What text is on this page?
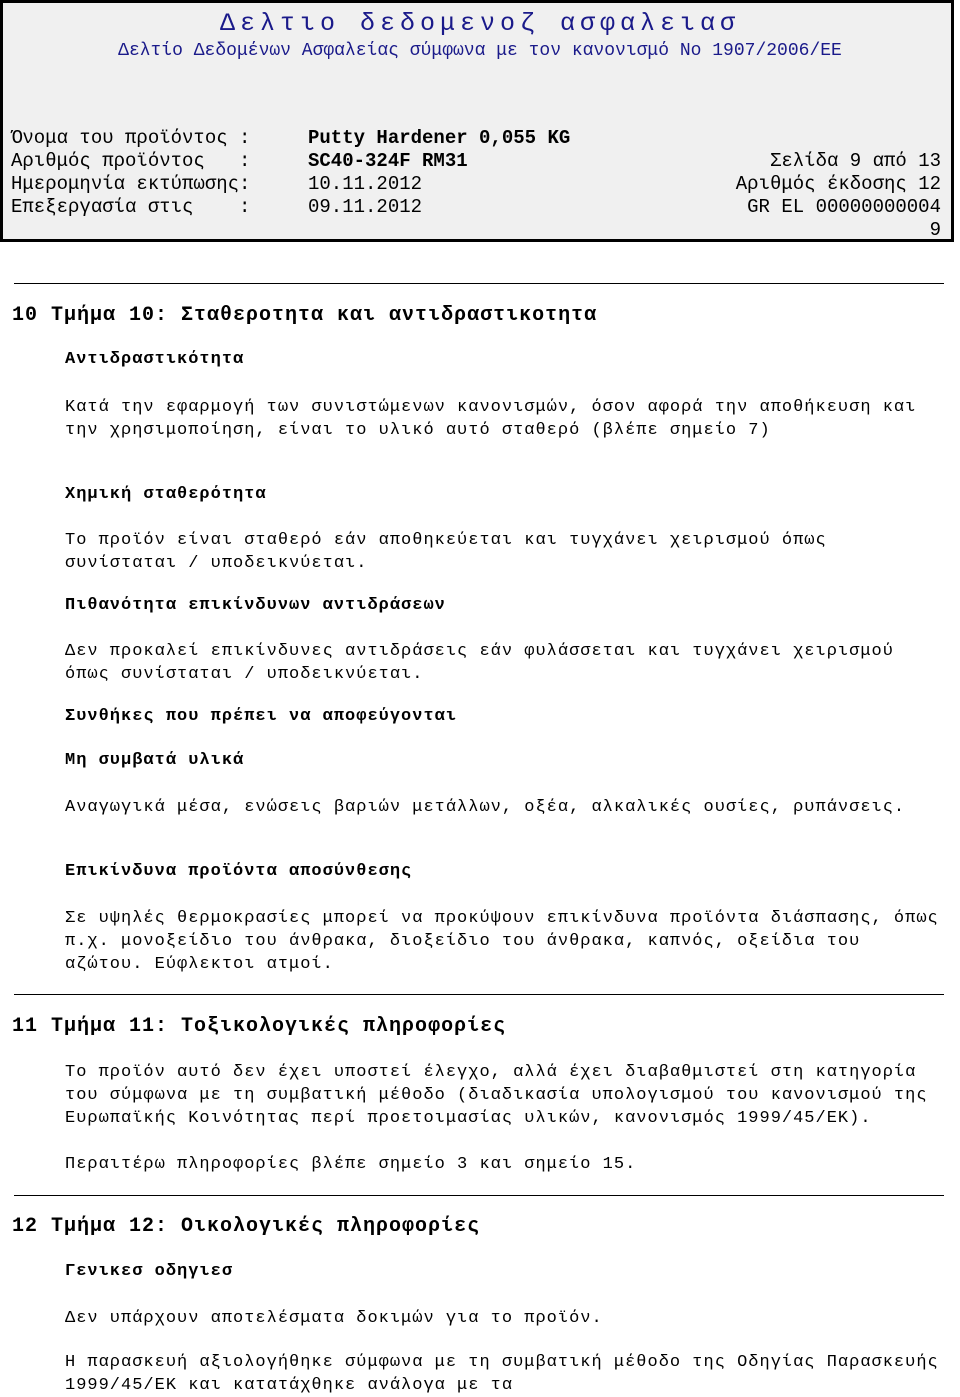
Δελτιο δεδομενοζ ασφαλειασ
Δελτίο Δεδομένων Ασφαλείας σύμφωνα με τον κανονισμό Νο 1907/2006/ΕΕ
Όνομα του προϊόντος : Putty Hardener 0,055 KG
Αριθμός προϊόντος   : SC40-324F RM31	Σελίδα 9 από 13
Ημερομηνία εκτύπωσης: 10.11.2012	Αριθμός έκδοσης 12
Επεξεργασία στις    : 09.11.2012	GR EL 00000000004
9
10 Τμήμα 10: Σταθεροτητα και αντιδραστικοτητα
Αντιδραστικότητα
Κατά την εφαρμογή των συνιστώμενων κανονισμών, όσον αφορά την αποθήκευση και την χρησιμοποίηση, είναι το υλικό αυτό σταθερό (βλέπε σημείο 7)
Χημική σταθερότητα
Το προϊόν είναι σταθερό εάν αποθηκεύεται και τυγχάνει χειρισμού όπως συνίσταται / υποδεικνύεται.
Πιθανότητα επικίνδυνων αντιδράσεων
Δεν προκαλεί επικίνδυνες αντιδράσεις εάν φυλάσσεται και τυγχάνει χειρισμού όπως συνίσταται / υποδεικνύεται.
Συνθήκες που πρέπει να αποφεύγονται
Μη συμβατά υλικά
Αναγωγικά μέσα, ενώσεις βαριών μετάλλων, οξέα, αλκαλικές ουσίες, ρυπάνσεις.
Επικίνδυνα προϊόντα αποσύνθεσης
Σε υψηλές θερμοκρασίες μπορεί να προκύψουν επικίνδυνα προϊόντα διάσπασης, όπως π.χ. μονοξείδιο του άνθρακα, διοξείδιο του άνθρακα, καπνός, οξείδια του αζώτου. Εύφλεκτοι ατμοί.
11 Τμήμα 11: Τοξικολογικές πληροφορίες
Το προϊόν αυτό δεν έχει υποστεί έλεγχο, αλλά έχει διαβαθμιστεί στη κατηγορία του σύμφωνα με τη συμβατική μέθοδο (διαδικασία υπολογισμού του κανονισμού της Ευρωπαϊκής Κοινότητας περί προετοιμασίας υλικών, κανονισμός 1999/45/ΕΚ).
Περαιτέρω πληροφορίες βλέπε σημείο 3 και σημείο 15.
12 Τμήμα 12: Οικολογικές πληροφορίες
Γενικεσ οδηγιεσ
Δεν υπάρχουν αποτελέσματα δοκιμών για το προϊόν.
Η παρασκευή αξιολογήθηκε σύμφωνα με τη συμβατική μέθοδο της Οδηγίας Παρασκευής 1999/45/ΕΚ και κατατάχθηκε ανάλογα με τα
